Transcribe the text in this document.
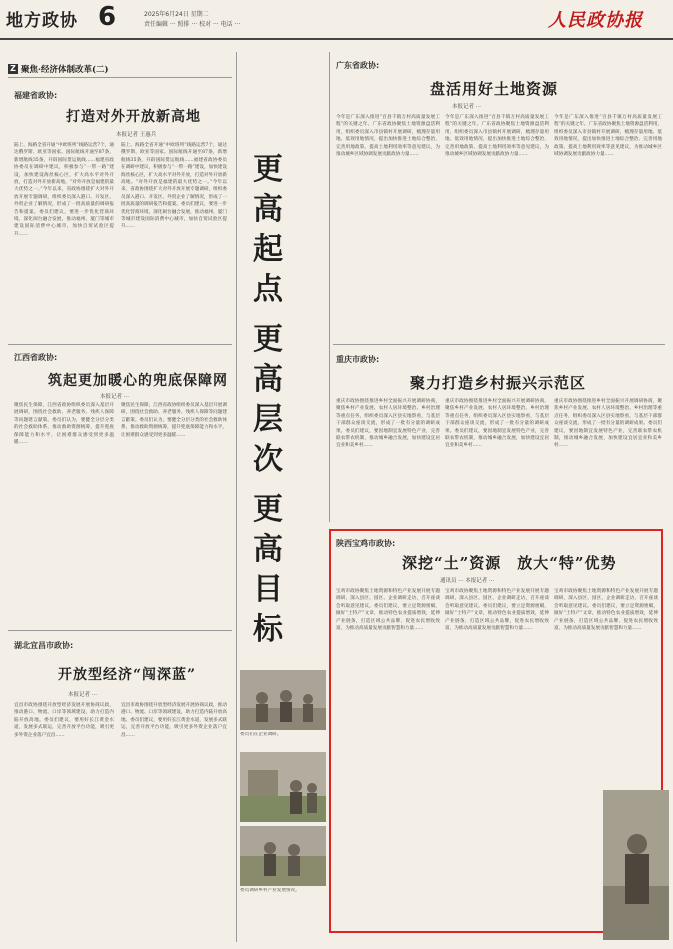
地方政协 6	2025年6月24日 星期二
责任编辑 ··· 照排 ··· 校对 ··· 电话 ···	人民政协报
Z 聚焦·经济体制改革(二)
福建省政协:
打造对外开放新高地
本报记者 王惠兵
陆上、海路全省开通“中欧班列”线路运营7个，通达俄罗斯、欧亚等国家。国际航线开通至87条，新增航线35条，开辟国际货运航线……福建省政协委员在调研中建议，积极参与“一带一路”建设，加快建设海丝核心区，扩大高水平对外开放，打造对外开放新高地。“对外开放是福建的最大优势之一。”今年以来，省政协围绕扩大对外开放开展专题调研，组织委员深入港口、开发区、外贸企业了解情况，形成了一批高质量的调研报告和提案。委员们建议，要进一步优化营商环境，深化闽台融合发展，推动福州、厦门等城市建设国际消费中心城市，加快自贸试验区提升……
陆上、海路全省开通“中欧班列”线路运营7个，通达俄罗斯、欧亚等国家。国际航线开通至87条，新增航线35条，开辟国际货运航线……福建省政协委员在调研中建议，积极参与“一带一路”建设，加快建设海丝核心区，扩大高水平对外开放，打造对外开放新高地。“对外开放是福建的最大优势之一。”今年以来，省政协围绕扩大对外开放开展专题调研，组织委员深入港口、开发区、外贸企业了解情况，形成了一批高质量的调研报告和提案。委员们建议，要进一步优化营商环境，深化闽台融合发展，推动福州、厦门等城市建设国际消费中心城市，加快自贸试验区提升……
江西省政协:
筑起更加暖心的兜底保障网
本报记者 ···
聚焦民生保障，江西省政协组织委员深入基层开展调研，围绕社会救助、养老服务、残疾人保障等问题建言献策。委员们认为，要健全分层分类的社会救助体系，推动救助资源统筹，提升兜底保障能力和水平，让困难群众感受到更多温暖……
聚焦民生保障，江西省政协组织委员深入基层开展调研，围绕社会救助、养老服务、残疾人保障等问题建言献策。委员们认为，要健全分层分类的社会救助体系，推动救助资源统筹，提升兜底保障能力和水平，让困难群众感受到更多温暖……
湖北宜昌市政协:
开放型经济“闯深蓝”
本报记者 ···
宜昌市政协围绕开放型经济发展开展协商议政，推动港口、物流、口岸等领域建设，助力打造内陆开放高地。委员们建议，要用好长江黄金水道，发展多式联运，完善开放平台功能，吸引更多外资企业落户宜昌……
宜昌市政协围绕开放型经济发展开展协商议政，推动港口、物流、口岸等领域建设，助力打造内陆开放高地。委员们建议，要用好长江黄金水道，发展多式联运，完善开放平台功能，吸引更多外资企业落户宜昌……
更
高
起
点
更
高
层
次
更
高
目
标
委员们在企业调研。
委员调研乡村产业发展情况。
广东省政协:
盘活用好土地资源
本报记者 ···
今年是广东深入推进“百县千镇万村高质量发展工程”的关键之年。广东省政协聚焦土地资源盘活利用，组织委员深入市县镇村开展调研，梳理存量用地、低效用地情况，提出加快推进土地综合整治、完善用地政策、提高土地利用效率等意见建议，为推动城乡区域协调发展贡献政协力量……
今年是广东深入推进“百县千镇万村高质量发展工程”的关键之年。广东省政协聚焦土地资源盘活利用，组织委员深入市县镇村开展调研，梳理存量用地、低效用地情况，提出加快推进土地综合整治、完善用地政策、提高土地利用效率等意见建议，为推动城乡区域协调发展贡献政协力量……
今年是广东深入推进“百县千镇万村高质量发展工程”的关键之年。广东省政协聚焦土地资源盘活利用，组织委员深入市县镇村开展调研，梳理存量用地、低效用地情况，提出加快推进土地综合整治、完善用地政策、提高土地利用效率等意见建议，为推动城乡区域协调发展贡献政协力量……
重庆市政协:
聚力打造乡村振兴示范区
重庆市政协围绕推进乡村全面振兴开展调研协商，聚焦乡村产业发展、农村人居环境整治、乡村治理等重点任务，组织委员深入区县实地察看，与基层干部群众座谈交流，形成了一批有分量的调研成果。委员们建议，要因地制宜发展特色产业，完善联农带农机制，推动城乡融合发展，加快建设宜居宜业和美乡村……
重庆市政协围绕推进乡村全面振兴开展调研协商，聚焦乡村产业发展、农村人居环境整治、乡村治理等重点任务，组织委员深入区县实地察看，与基层干部群众座谈交流，形成了一批有分量的调研成果。委员们建议，要因地制宜发展特色产业，完善联农带农机制，推动城乡融合发展，加快建设宜居宜业和美乡村……
重庆市政协围绕推进乡村全面振兴开展调研协商，聚焦乡村产业发展、农村人居环境整治、乡村治理等重点任务，组织委员深入区县实地察看，与基层干部群众座谈交流，形成了一批有分量的调研成果。委员们建议，要因地制宜发展特色产业，完善联农带农机制，推动城乡融合发展，加快建设宜居宜业和美乡村……
陕西宝鸡市政协:
深挖“土”资源　放大“特”优势
通讯员 ··· 本报记者 ···
宝鸡市政协聚焦土地资源和特色产业发展开展专题调研，深入县区、园区、企业调研走访，召开座谈会听取意见建议。委员们建议，要立足资源禀赋，做好“土特产”文章，推动特色农业提质增效，延伸产业链条，打造区域公共品牌，促进农民增收致富，为推动高质量发展贡献智慧和力量……
宝鸡市政协聚焦土地资源和特色产业发展开展专题调研，深入县区、园区、企业调研走访，召开座谈会听取意见建议。委员们建议，要立足资源禀赋，做好“土特产”文章，推动特色农业提质增效，延伸产业链条，打造区域公共品牌，促进农民增收致富，为推动高质量发展贡献智慧和力量……
宝鸡市政协聚焦土地资源和特色产业发展开展专题调研，深入县区、园区、企业调研走访，召开座谈会听取意见建议。委员们建议，要立足资源禀赋，做好“土特产”文章，推动特色农业提质增效，延伸产业链条，打造区域公共品牌，促进农民增收致富，为推动高质量发展贡献智慧和力量……
